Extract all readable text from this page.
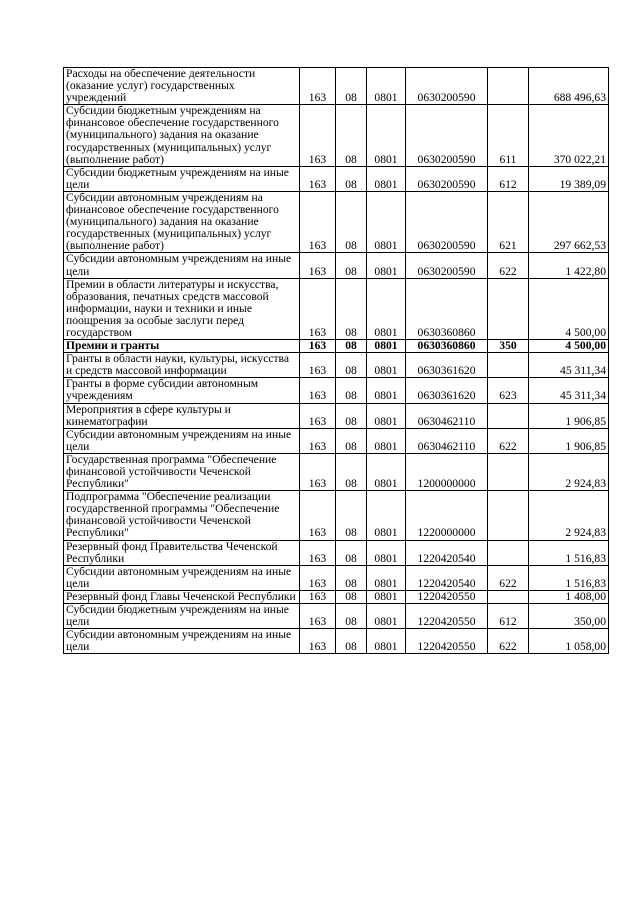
Расходы на обеспечение деятельности (оказание услуг) государственных учреждений	163	08	0801	0630200590		688 496,63
Субсидии бюджетным учреждениям на финансовое обеспечение государственного (муниципального) задания на оказание государственных (муниципальных) услуг (выполнение работ)	163	08	0801	0630200590	611	370 022,21
Субсидии бюджетным учреждениям на иные цели	163	08	0801	0630200590	612	19 389,09
Субсидии автономным учреждениям на финансовое обеспечение государственного (муниципального) задания на оказание государственных (муниципальных) услуг (выполнение работ)	163	08	0801	0630200590	621	297 662,53
Субсидии автономным учреждениям на иные цели	163	08	0801	0630200590	622	1 422,80
Премии в области литературы и искусства, образования, печатных средств массовой информации, науки и техники и иные поощрения за особые заслуги перед государством	163	08	0801	0630360860		4 500,00
Премии и гранты	163	08	0801	0630360860	350	4 500,00
Гранты в области науки, культуры, искусства и средств массовой информации	163	08	0801	0630361620		45 311,34
Гранты в форме субсидии автономным учреждениям	163	08	0801	0630361620	623	45 311,34
Мероприятия в сфере культуры и кинематографии	163	08	0801	0630462110		1 906,85
Субсидии автономным учреждениям на иные цели	163	08	0801	0630462110	622	1 906,85
Государственная программа "Обеспечение финансовой устойчивости Чеченской Республики"	163	08	0801	1200000000		2 924,83
Подпрограмма "Обеспечение реализации государственной программы "Обеспечение финансовой устойчивости Чеченской Республики"	163	08	0801	1220000000		2 924,83
Резервный фонд Правительства Чеченской Республики	163	08	0801	1220420540		1 516,83
Субсидии автономным учреждениям на иные цели	163	08	0801	1220420540	622	1 516,83
Резервный фонд Главы Чеченской Республики	163	08	0801	1220420550		1 408,00
Субсидии бюджетным учреждениям на иные цели	163	08	0801	1220420550	612	350,00
Субсидии автономным учреждениям на иные цели	163	08	0801	1220420550	622	1 058,00
